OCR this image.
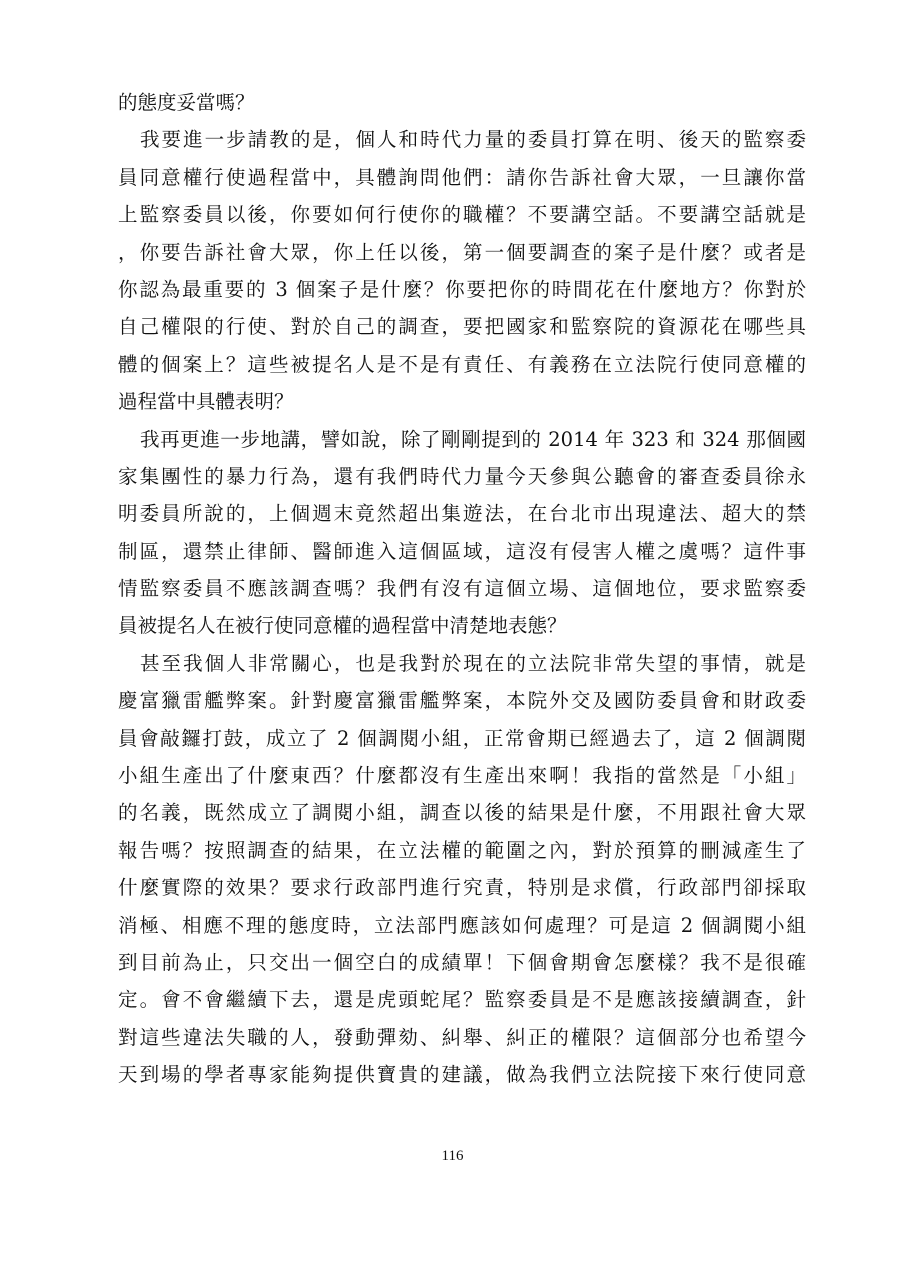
的態度妥當嗎？
我要進一步請教的是，個人和時代力量的委員打算在明、後天的監察委
員同意權行使過程當中，具體詢問他們：請你告訴社會大眾，一旦讓你當
上監察委員以後，你要如何行使你的職權？不要講空話。不要講空話就是
，你要告訴社會大眾，你上任以後，第一個要調查的案子是什麼？或者是
你認為最重要的 3 個案子是什麼？你要把你的時間花在什麼地方？你對於
自己權限的行使、對於自己的調查，要把國家和監察院的資源花在哪些具
體的個案上？這些被提名人是不是有責任、有義務在立法院行使同意權的
過程當中具體表明？
我再更進一步地講，譬如說，除了剛剛提到的 2014 年 323 和 324 那個國
家集團性的暴力行為，還有我們時代力量今天參與公聽會的審查委員徐永
明委員所說的，上個週末竟然超出集遊法，在台北市出現違法、超大的禁
制區，還禁止律師、醫師進入這個區域，這沒有侵害人權之虞嗎？這件事
情監察委員不應該調查嗎？我們有沒有這個立場、這個地位，要求監察委
員被提名人在被行使同意權的過程當中清楚地表態？
甚至我個人非常關心，也是我對於現在的立法院非常失望的事情，就是
慶富獵雷艦弊案。針對慶富獵雷艦弊案，本院外交及國防委員會和財政委
員會敲鑼打鼓，成立了 2 個調閱小組，正常會期已經過去了，這 2 個調閱
小組生產出了什麼東西？什麼都沒有生產出來啊！我指的當然是「小組」
的名義，既然成立了調閱小組，調查以後的結果是什麼，不用跟社會大眾
報告嗎？按照調查的結果，在立法權的範圍之內，對於預算的刪減產生了
什麼實際的效果？要求行政部門進行究責，特別是求償，行政部門卻採取
消極、相應不理的態度時，立法部門應該如何處理？可是這 2 個調閱小組
到目前為止，只交出一個空白的成績單！下個會期會怎麼樣？我不是很確
定。會不會繼續下去，還是虎頭蛇尾？監察委員是不是應該接續調查，針
對這些違法失職的人，發動彈劾、糾舉、糾正的權限？這個部分也希望今
天到場的學者專家能夠提供寶貴的建議，做為我們立法院接下來行使同意
116
